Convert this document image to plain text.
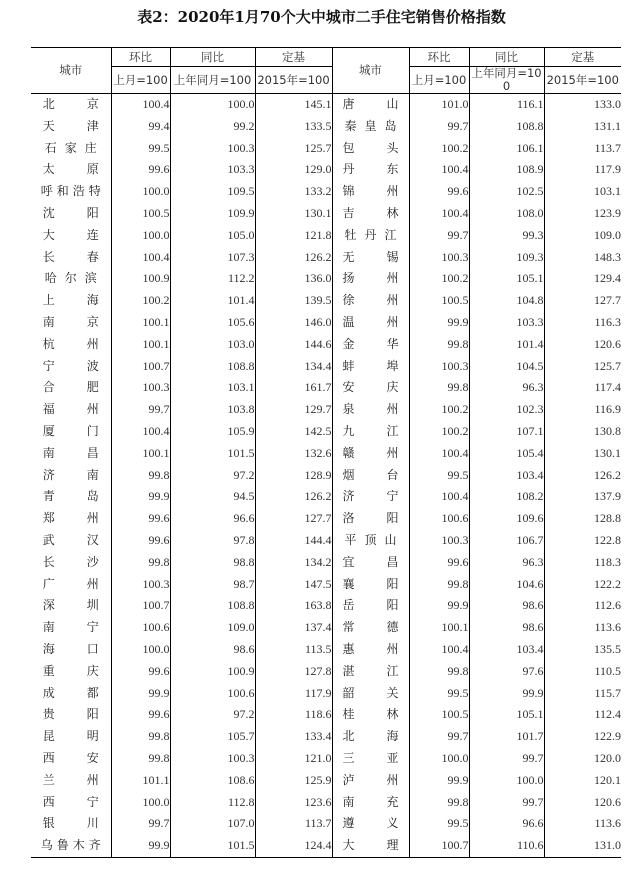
表2：2020年1月70个大中城市二手住宅销售价格指数
城市	环比	同比	定基	城市	环比	同比	定基
	上月=100	上年同月=100	2015年=100		上月=100	上年同月=100	2015年=100
北京	100.4	100.0	145.1	唐山	101.0	116.1	133.0
天津	99.4	99.2	133.5	秦皇岛	99.7	108.8	131.1
石家庄	99.5	100.3	125.7	包头	100.2	106.1	113.7
太原	99.6	103.3	129.0	丹东	100.4	108.9	117.9
呼和浩特	100.0	109.5	133.2	锦州	99.6	102.5	103.1
沈阳	100.5	109.9	130.1	吉林	100.4	108.0	123.9
大连	100.0	105.0	121.8	牡丹江	99.7	99.3	109.0
长春	100.4	107.3	126.2	无锡	100.3	109.3	148.3
哈尔滨	100.9	112.2	136.0	扬州	100.2	105.1	129.4
上海	100.2	101.4	139.5	徐州	100.5	104.8	127.7
南京	100.1	105.6	146.0	温州	99.9	103.3	116.3
杭州	100.1	103.0	144.6	金华	99.8	101.4	120.6
宁波	100.7	108.8	134.4	蚌埠	100.3	104.5	125.7
合肥	100.3	103.1	161.7	安庆	99.8	96.3	117.4
福州	99.7	103.8	129.7	泉州	100.2	102.3	116.9
厦门	100.4	105.9	142.5	九江	100.2	107.1	130.8
南昌	100.1	101.5	132.6	赣州	100.4	105.4	130.1
济南	99.8	97.2	128.9	烟台	99.5	103.4	126.2
青岛	99.9	94.5	126.2	济宁	100.4	108.2	137.9
郑州	99.6	96.6	127.7	洛阳	100.6	109.6	128.8
武汉	99.6	97.8	144.4	平顶山	100.3	106.7	122.8
长沙	99.8	98.8	134.2	宜昌	99.6	96.3	118.3
广州	100.3	98.7	147.5	襄阳	99.8	104.6	122.2
深圳	100.7	108.8	163.8	岳阳	99.9	98.6	112.6
南宁	100.6	109.0	137.4	常德	100.1	98.6	113.6
海口	100.0	98.6	113.5	惠州	100.4	103.4	135.5
重庆	99.6	100.9	127.8	湛江	99.8	97.6	110.5
成都	99.9	100.6	117.9	韶关	99.5	99.9	115.7
贵阳	99.6	97.2	118.6	桂林	100.5	105.1	112.4
昆明	99.8	105.7	133.4	北海	99.7	101.7	122.9
西安	99.8	100.3	121.0	三亚	100.0	99.7	120.0
兰州	101.1	108.6	125.9	泸州	99.9	100.0	120.1
西宁	100.0	112.8	123.6	南充	99.8	99.7	120.6
银川	99.7	107.0	113.7	遵义	99.5	96.6	113.6
乌鲁木齐	99.9	101.5	124.4	大理	100.7	110.6	131.0
